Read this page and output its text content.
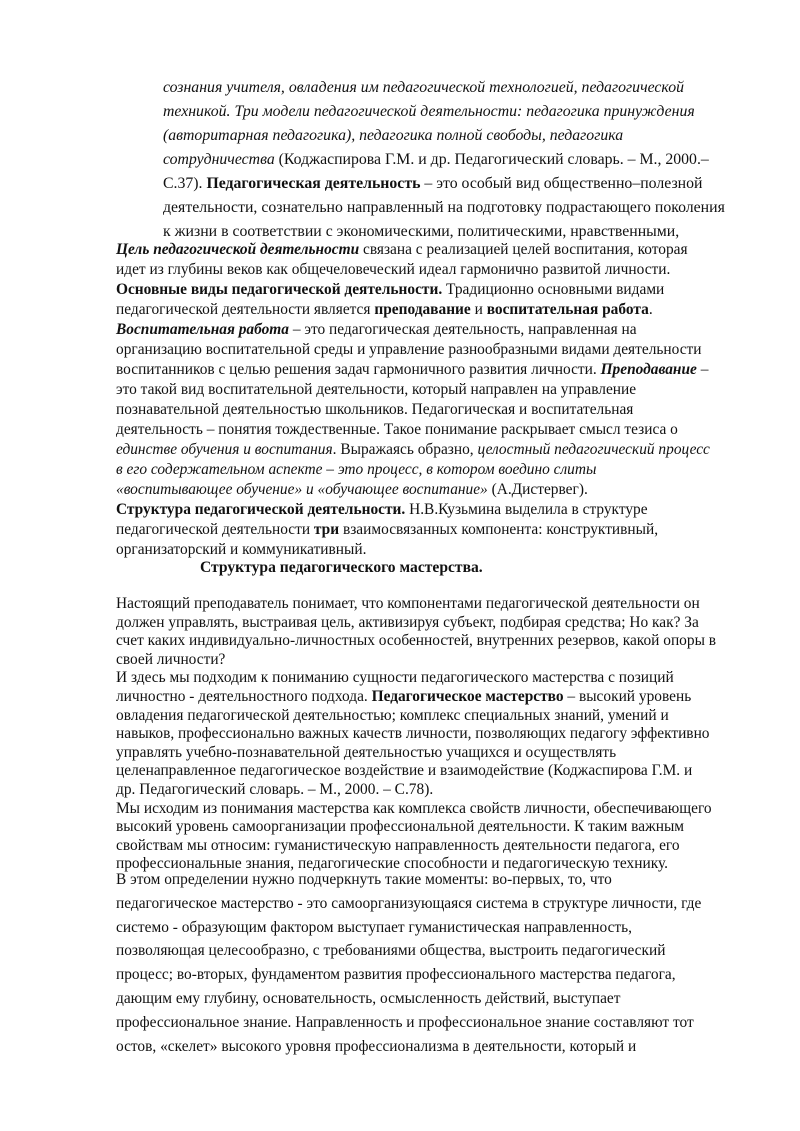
сознания учителя, овладения им педагогической технологией, педагогической
техникой. Три модели педагогической деятельности: педагогика принуждения
(авторитарная педагогика), педагогика полной свободы, педагогика
сотрудничества (Коджаспирова Г.М. и др. Педагогический словарь. – М., 2000.–
С.37). Педагогическая деятельность – это особый вид общественно–полезной
деятельности, сознательно направленный на подготовку подрастающего поколения
к жизни в соответствии с экономическими, политическими, нравственными,
Цель педагогической деятельности связана с реализацией целей воспитания, которая
идет из глубины веков как общечеловеческий идеал гармонично развитой личности.
Основные виды педагогической деятельности. Традиционно основными видами
педагогической деятельности является преподавание и воспитательная работа.
Воспитательная работа – это педагогическая деятельность, направленная на
организацию воспитательной среды и управление разнообразными видами деятельности
воспитанников с целью решения задач гармоничного развития личности. Преподавание –
это такой вид воспитательной деятельности, который направлен на управление
познавательной деятельностью школьников. Педагогическая и воспитательная
деятельность – понятия тождественные. Такое понимание раскрывает смысл тезиса о
единстве обучения и воспитания. Выражаясь образно, целостный педагогический процесс
в его содержательном аспекте – это процесс, в котором воедино слиты
«воспитывающее обучение» и «обучающее воспитание» (А.Дистервег).
Структура педагогической деятельности. Н.В.Кузьмина выделила в структуре
педагогической деятельности три взаимосвязанных компонента: конструктивный,
организаторский и коммуникативный.
Структура педагогического мастерства.
Настоящий преподаватель понимает, что компонентами педагогической деятельности он
должен управлять, выстраивая цель, активизируя субъект, подбирая средства; Но как? За
счет каких индивидуально-личностных особенностей, внутренних резервов, какой опоры в
своей личности?
И здесь мы подходим к пониманию сущности педагогического мастерства с позиций
личностно - деятельностного подхода. Педагогическое мастерство – высокий уровень
овладения педагогической деятельностью; комплекс специальных знаний, умений и
навыков, профессионально важных качеств личности, позволяющих педагогу эффективно
управлять учебно-познавательной деятельностью учащихся и осуществлять
целенаправленное педагогическое воздействие и взаимодействие (Коджаспирова Г.М. и
др. Педагогический словарь. – М., 2000. – С.78).
Мы исходим из понимания мастерства как комплекса свойств личности, обеспечивающего
высокий уровень самоорганизации профессиональной деятельности. К таким важным
свойствам мы относим: гуманистическую направленность деятельности педагога, его
профессиональные знания, педагогические способности и педагогическую технику.
В этом определении нужно подчеркнуть такие моменты: во-первых, то, что
педагогическое мастерство - это самоорганизующаяся система в структуре личности, где
системо - образующим фактором выступает гуманистическая направленность,
позволяющая целесообразно, с требованиями общества, выстроить педагогический
процесс; во-вторых, фундаментом развития профессионального мастерства педагога,
дающим ему глубину, основательность, осмысленность действий, выступает
профессиональное знание. Направленность и профессиональное знание составляют тот
остов, «скелет» высокого уровня профессионализма в деятельности, который и
